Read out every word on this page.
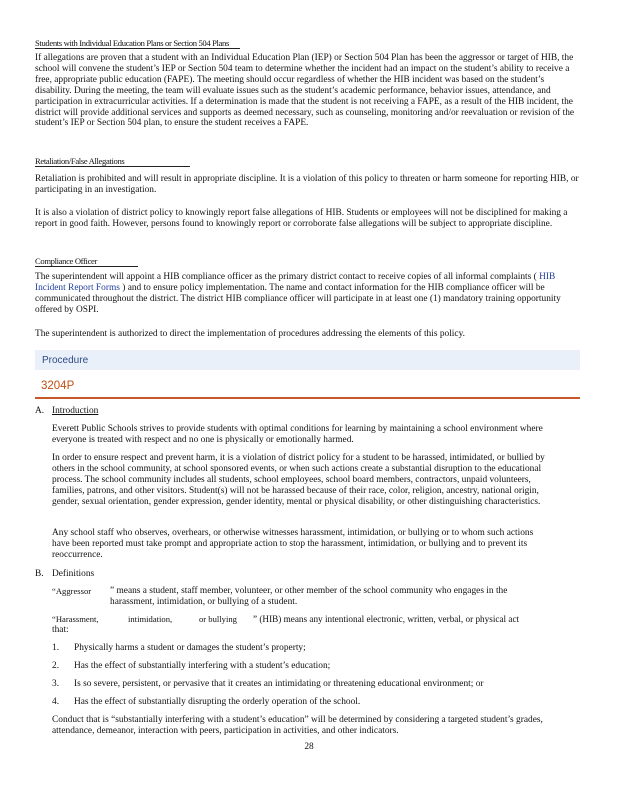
Students with Individual Education Plans or Section 504 Plans

If allegations are proven that a student with an Individual Education Plan (IEP) or Section 504 Plan has been the aggressor or target of HIB, the school will convene the student’s IEP or Section 504 team to determine whether the incident had an impact on the student’s ability to receive a free, appropriate public education (FAPE). The meeting should occur regardless of whether the HIB incident was based on the student’s disability. During the meeting, the team will evaluate issues such as the student’s academic performance, behavior issues, attendance, and participation in extracurricular activities. If a determination is made that the student is not receiving a FAPE, as a result of the HIB incident, the district will provide additional services and supports as deemed necessary, such as counseling, monitoring and/or reevaluation or revision of the student’s IEP or Section 504 plan, to ensure the student receives a FAPE.

Retaliation/False Allegations

Retaliation is prohibited and will result in appropriate discipline. It is a violation of this policy to threaten or harm someone for reporting HIB, or participating in an investigation.

It is also a violation of district policy to knowingly report false allegations of HIB. Students or employees will not be disciplined for making a report in good faith. However, persons found to knowingly report or corroborate false allegations will be subject to appropriate discipline.

Compliance Officer

The superintendent will appoint a HIB compliance officer as the primary district contact to receive copies of all informal complaints ( HIB Incident Report Forms ) and to ensure policy implementation. The name and contact information for the HIB compliance officer will be communicated throughout the district. The district HIB compliance officer will participate in at least one (1) mandatory training opportunity offered by OSPI.

The superintendent is authorized to direct the implementation of procedures addressing the elements of this policy.

Procedure
3204P

A. Introduction

Everett Public Schools strives to provide students with optimal conditions for learning by maintaining a school environment where everyone is treated with respect and no one is physically or emotionally harmed.

In order to ensure respect and prevent harm, it is a violation of district policy for a student to be harassed, intimidated, or bullied by others in the school community, at school sponsored events, or when such actions create a substantial disruption to the educational process. The school community includes all students, school employees, school board members, contractors, unpaid volunteers, families, patrons, and other visitors. Student(s) will not be harassed because of their race, color, religion, ancestry, national origin, gender, sexual orientation, gender expression, gender identity, mental or physical disability, or other distinguishing characteristics.

Any school staff who observes, overhears, or otherwise witnesses harassment, intimidation, or bullying or to whom such actions have been reported must take prompt and appropriate action to stop the harassment, intimidation, or bullying and to prevent its reoccurrence.

B. Definitions

“Aggressor ” means a student, staff member, volunteer, or other member of the school community who engages in the harassment, intimidation, or bullying of a student.

“Harassment,	intimidation,	or bullying ” (HIB) means any intentional electronic, written, verbal, or physical act

that:

1. Physically harms a student or damages the student’s property;

2. Has the effect of substantially interfering with a student’s education;

3. Is so severe, persistent, or pervasive that it creates an intimidating or threatening educational environment; or

4. Has the effect of substantially disrupting the orderly operation of the school.

Conduct that is “substantially interfering with a student’s education” will be determined by considering a targeted student’s grades, attendance, demeanor, interaction with peers, participation in activities, and other indicators.

28
